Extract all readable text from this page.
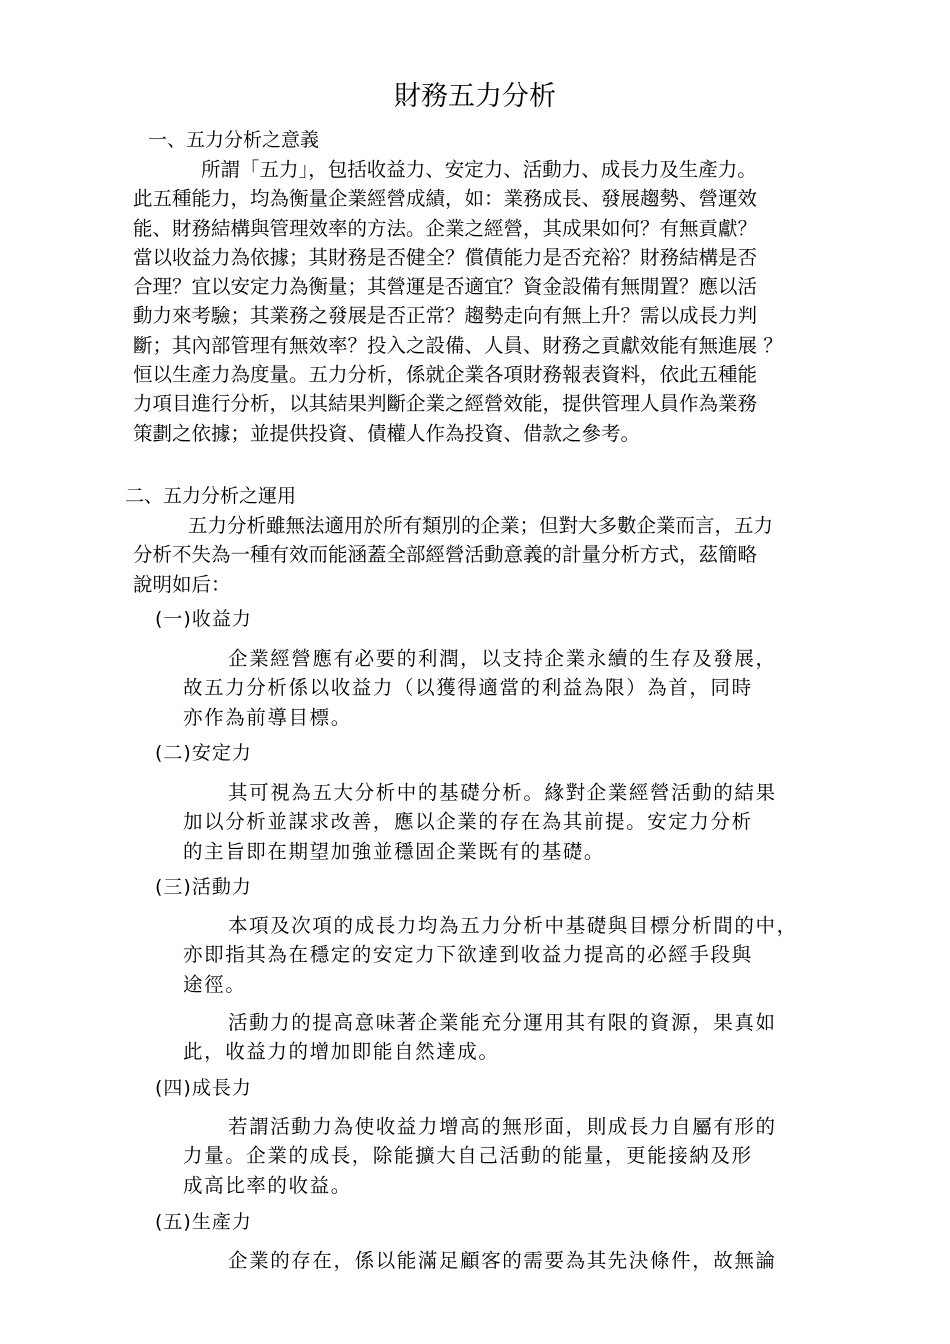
財務五力分析
一、五力分析之意義
所謂「五力」，包括收益力、安定力、活動力、成長力及生產力。
此五種能力，均為衡量企業經營成績，如：業務成長、發展趨勢、營運效
能、財務結構與管理效率的方法。企業之經營，其成果如何？有無貢獻？
當以收益力為依據；其財務是否健全？償債能力是否充裕？財務結構是否
合理？宜以安定力為衡量；其營運是否適宜？資金設備有無閒置？應以活
動力來考驗；其業務之發展是否正常？趨勢走向有無上升？需以成長力判
斷；其內部管理有無效率？投入之設備、人員、財務之貢獻效能有無進展 ？
恒以生產力為度量。五力分析，係就企業各項財務報表資料，依此五種能
力項目進行分析，以其結果判斷企業之經營效能，提供管理人員作為業務
策劃之依據；並提供投資、債權人作為投資、借款之參考。
二、五力分析之運用
五力分析雖無法適用於所有類別的企業；但對大多數企業而言，五力
分析不失為一種有效而能涵蓋全部經營活動意義的計量分析方式，茲簡略
說明如后：
(一)收益力
企業經營應有必要的利潤，以支持企業永續的生存及發展，
故五力分析係以收益力（以獲得適當的利益為限）為首，同時
亦作為前導目標。
(二)安定力
其可視為五大分析中的基礎分析。緣對企業經營活動的結果
加以分析並謀求改善，應以企業的存在為其前提。安定力分析
的主旨即在期望加強並穩固企業既有的基礎。
(三)活動力
本項及次項的成長力均為五力分析中基礎與目標分析間的中，
亦即指其為在穩定的安定力下欲達到收益力提高的必經手段與
途徑。
活動力的提高意味著企業能充分運用其有限的資源，果真如
此，收益力的增加即能自然達成。
(四)成長力
若謂活動力為使收益力增高的無形面，則成長力自屬有形的
力量。企業的成長，除能擴大自己活動的能量，更能接納及形
成高比率的收益。
(五)生產力
企業的存在，係以能滿足顧客的需要為其先決條件，故無論
